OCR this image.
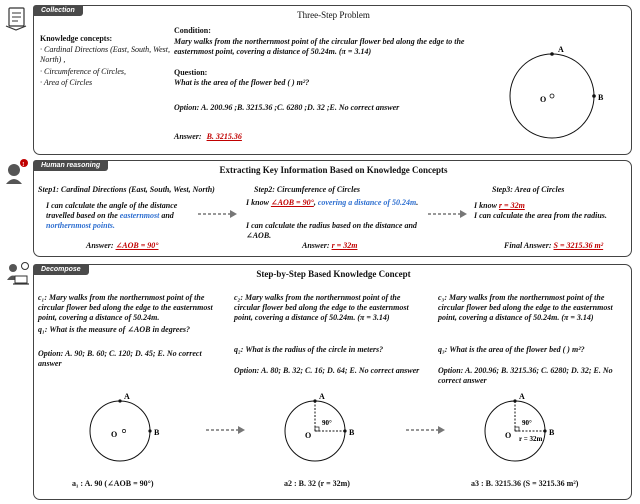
Collection	Three-Step Problem
Knowledge concepts:
· Cardinal Directions (East, South, West, North) ,
· Circumference of Circles,
· Area of Circles
Condition:
Mary walks from the northernmost point of the circular flower bed along the edge to the easternmost point, covering a distance of 50.24m. (π = 3.14)
Question:
What is the area of the flower bed ( ) m²?
Option: A. 200.96 ;B. 3215.36 ;C. 6280 ;D. 32 ;E. No correct answer
Answer: B. 3215.36
A
B
O
Human reasoning	Extracting Key Information Based on Knowledge Concepts
Step1: Cardinal Directions (East, South, West, North)
I can calculate the angle of the distance travelled based on the easternmost and northernmost points.
Answer: ∠AOB = 90°
Step2: Circumference of Circles
I know ∠AOB = 90°, covering a distance of 50.24m.
I can calculate the radius based on the distance and ∠AOB.
Answer: r = 32m
Step3: Area of Circles
I know r = 32m
I can calculate the area from the radius.
Final Answer: S = 3215.36 m²
!
Decompose	Step-by-Step Based Knowledge Concept
c₁: Mary walks from the northernmost point of the circular flower bed along the edge to the easternmost point, covering a distance of 50.24m.
q₁: What is the measure of ∠AOB in degrees?
Option: A. 90; B. 60; C. 120; D. 45; E. No correct answer
c₂: Mary walks from the northernmost point of the circular flower bed along the edge to the easternmost point, covering a distance of 50.24m. (π = 3.14)
q₂: What is the radius of the circle in meters?
Option: A. 80; B. 32; C. 16; D. 64; E. No correct answer
c₃: Mary walks from the northernmost point of the circular flower bed along the edge to the easternmost point, covering a distance of 50.24m. (π = 3.14)
q₃: What is the area of the flower bed ( ) m²?
Option: A. 200.96; B. 3215.36; C. 6280; D. 32; E. No correct answer
A
B
O
A
B
O
90°
A
B
O
90°
r = 32m
a₁ : A. 90 (∠AOB = 90°)	a2 : B. 32 (r = 32m)	a3 : B. 3215.36 (S = 3215.36 m²)
